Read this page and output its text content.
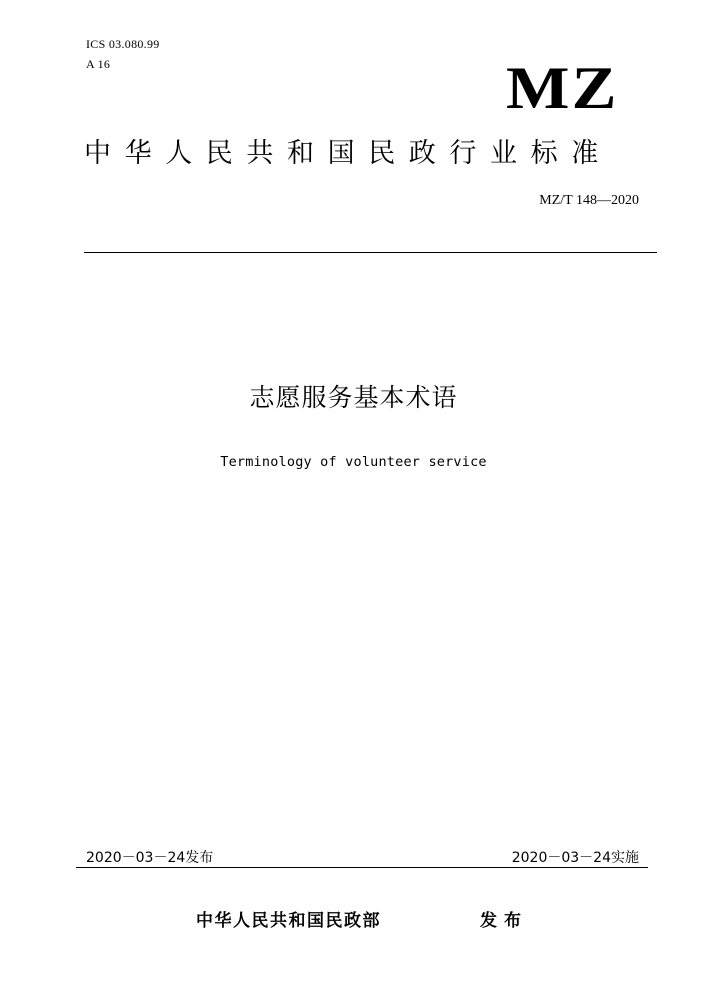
ICS 03.080.99
A 16	MZ
中华人民共和国民政行业标准
MZ/T 148—2020
志愿服务基本术语
Terminology of volunteer service
2020－03－24发布	2020－03－24实施
中华人民共和国民政部	发布
